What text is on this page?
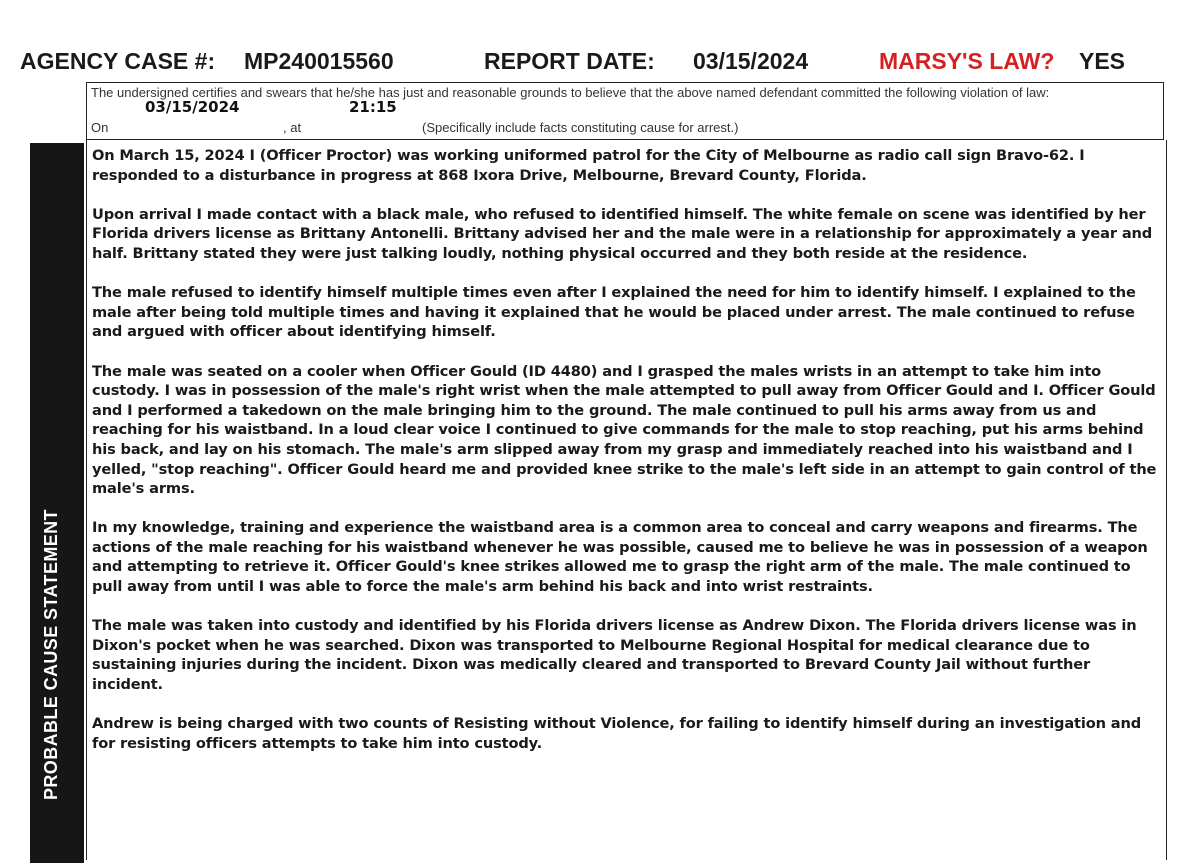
AGENCY CASE #: MP240015560	REPORT DATE: 03/15/2024	MARSY'S LAW? YES
The undersigned certifies and swears that he/she has just and reasonable grounds to believe that the above named defendant committed the following violation of law:
03/15/2024	21:15
On	, at	(Specifically include facts constituting cause for arrest.)
PROBABLE CAUSE STATEMENT

On March 15, 2024 I (Officer Proctor) was working uniformed patrol for the City of Melbourne as radio call sign Bravo-62. I responded to a disturbance in progress at 868 Ixora Drive, Melbourne, Brevard County, Florida.

Upon arrival I made contact with a black male, who refused to identified himself. The white female on scene was identified by her Florida drivers license as Brittany Antonelli. Brittany advised her and the male were in a relationship for approximately a year and half. Brittany stated they were just talking loudly, nothing physical occurred and they both reside at the residence.

The male refused to identify himself multiple times even after I explained the need for him to identify himself. I explained to the male after being told multiple times and having it explained that he would be placed under arrest. The male continued to refuse and argued with officer about identifying himself.

The male was seated on a cooler when Officer Gould (ID 4480) and I grasped the males wrists in an attempt to take him into custody. I was in possession of the male's right wrist when the male attempted to pull away from Officer Gould and I. Officer Gould and I performed a takedown on the male bringing him to the ground. The male continued to pull his arms away from us and reaching for his waistband. In a loud clear voice I continued to give commands for the male to stop reaching, put his arms behind his back, and lay on his stomach. The male's arm slipped away from my grasp and immediately reached into his waistband and I yelled, "stop reaching". Officer Gould heard me and provided knee strike to the male's left side in an attempt to gain control of the male's arms.

In my knowledge, training and experience the waistband area is a common area to conceal and carry weapons and firearms. The actions of the male reaching for his waistband whenever he was possible, caused me to believe he was in possession of a weapon and attempting to retrieve it. Officer Gould's knee strikes allowed me to grasp the right arm of the male. The male continued to pull away from until I was able to force the male's arm behind his back and into wrist restraints.

The male was taken into custody and identified by his Florida drivers license as Andrew Dixon. The Florida drivers license was in Dixon's pocket when he was searched. Dixon was transported to Melbourne Regional Hospital for medical clearance due to sustaining injuries during the incident. Dixon was medically cleared and transported to Brevard County Jail without further incident.

Andrew is being charged with two counts of Resisting without Violence, for failing to identify himself during an investigation and for resisting officers attempts to take him into custody.
